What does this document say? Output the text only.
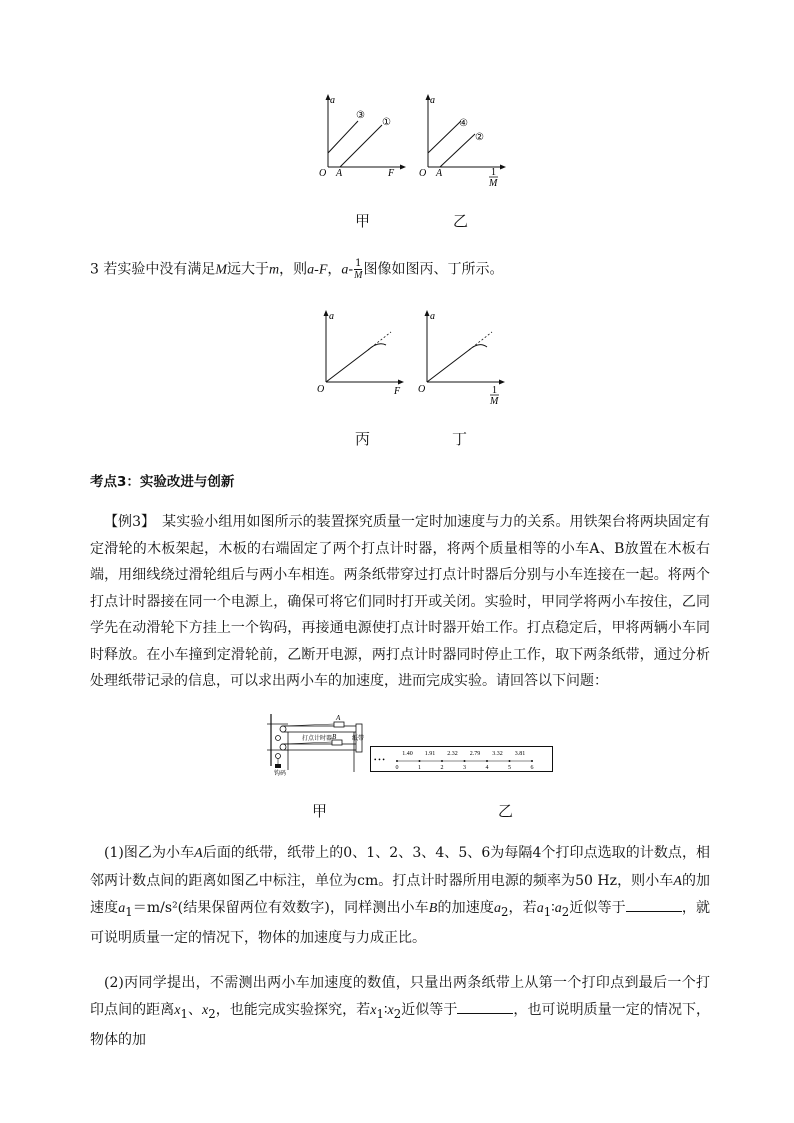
a
③
①
O A	F
a
④
②
O A	1
M
甲	乙
3 若实验中没有满足M远大于m，则a-F，$a- \frac{1}{M}$ 图像如图丙、丁所示。
a
O	F
a
O	1
M
丙	丁
考点3：实验改进与创新
【例3】　某实验小组用如图所示的装置探究质量一定时加速度与力的关系。用铁架台将两块固定有定滑轮的木板架起，木板的右端固定了两个打点计时器，将两个质量相等的小车A、B放置在木板右端，用细线绕过滑轮组后与两小车相连。两条纸带穿过打点计时器后分别与小车连接在一起。将两个打点计时器接在同一个电源上，确保可将它们同时打开或关闭。实验时，甲同学将两小车按住，乙同学先在动滑轮下方挂上一个钩码，再接通电源使打点计时器开始工作。打点稳定后，甲将两辆小车同时释放。在小车撞到定滑轮前，乙断开电源，两打点计时器同时停止工作，取下两条纸带，通过分析处理纸带记录的信息，可以求出两小车的加速度，进而完成实验。请回答以下问题：
A
B
打点计时器	纸带
钩码
• • •
0	1	2	3	4	5	6
1.40 1.91 2.32 2.79 3.32 3.81
甲	乙
(1)图乙为小车A后面的纸带，纸带上的0、1、2、3、4、5、6为每隔4个打印点选取的计数点，相邻两计数点间的距离如图乙中标注，单位为cm。打点计时器所用电源的频率为50 Hz，则小车A的加速度$a_1=m/s^2$(结果保留两位有效数字)，同样测出小车B的加速度$a_2$，若$a_1∶a_2$近似等于	，就可说明质量一定的情况下，物体的加速度与力成正比。
(2)丙同学提出，不需测出两小车加速度的数值，只量出两条纸带上从第一个打印点到最后一个打印点间的距离$x_1$、$x_2$，也能完成实验探究，若$x_1∶x_2$近似等于	，也可说明质量一定的情况下，物体的加
